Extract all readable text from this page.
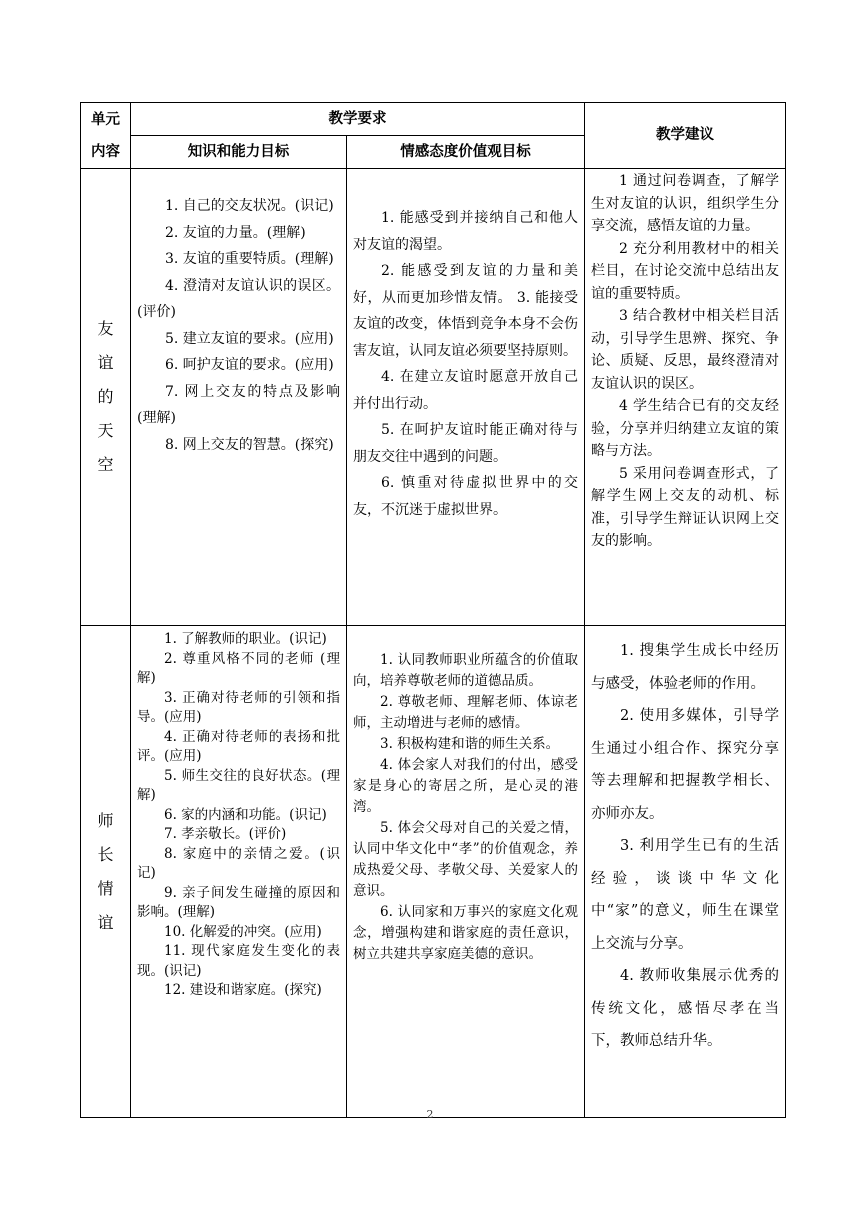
单元
内容
教学要求
知识和能力目标	情感态度价值观目标
教学建议
友
谊
的
天
空
1. 自己的交友状况。(识记)
2. 友谊的力量。(理解)
3. 友谊的重要特质。(理解)
4. 澄清对友谊认识的误区。(评价)
5. 建立友谊的要求。(应用)
6. 呵护友谊的要求。(应用)
7. 网上交友的特点及影响 (理解)
8. 网上交友的智慧。(探究)
1. 能感受到并接纳自己和他人对友谊的渴望。
2. 能感受到友谊的力量和美好，从而更加珍惜友情。 3. 能接受友谊的改变，体悟到竞争本身不会伤害友谊，认同友谊必须要坚持原则。
4. 在建立友谊时愿意开放自己并付出行动。
5. 在呵护友谊时能正确对待与朋友交往中遇到的问题。
6. 慎重对待虚拟世界中的交友，不沉迷于虚拟世界。
1 通过问卷调查，了解学生对友谊的认识，组织学生分享交流，感悟友谊的力量。
2 充分利用教材中的相关栏目，在讨论交流中总结出友谊的重要特质。
3 结合教材中相关栏目活动，引导学生思辨、探究、争论、质疑、反思，最终澄清对友谊认识的误区。
4 学生结合已有的交友经验，分享并归纳建立友谊的策略与方法。
5 采用问卷调查形式，了解学生网上交友的动机、标准，引导学生辩证认识网上交友的影响。
师
长
情
谊
1. 了解教师的职业。(识记)
2. 尊重风格不同的老师 (理解)
3. 正确对待老师的引领和指导。(应用)
4. 正确对待老师的表扬和批评。(应用)
5. 师生交往的良好状态。(理解)
6. 家的内涵和功能。(识记)
7. 孝亲敬长。(评价)
8. 家庭中的亲情之爱。(识记)
9. 亲子间发生碰撞的原因和影响。(理解)
10. 化解爱的冲突。(应用)
11. 现代家庭发生变化的表现。(识记)
12. 建设和谐家庭。(探究)
1. 认同教师职业所蕴含的价值取向，培养尊敬老师的道德品质。
2. 尊敬老师、理解老师、体谅老师，主动增进与老师的感情。
3. 积极构建和谐的师生关系。
4. 体会家人对我们的付出，感受家是身心的寄居之所，是心灵的港湾。
5. 体会父母对自己的关爱之情，认同中华文化中“孝”的价值观念，养成热爱父母、孝敬父母、关爱家人的意识。
6. 认同家和万事兴的家庭文化观念，增强构建和谐家庭的责任意识，树立共建共享家庭美德的意识。
1. 搜集学生成长中经历与感受，体验老师的作用。
2. 使用多媒体，引导学生通过小组合作、探究分享等去理解和把握教学相长、亦师亦友。
3. 利用学生已有的生活经验，谈谈中华文化中“家”的意义，师生在课堂上交流与分享。
4. 教师收集展示优秀的传统文化，感悟尽孝在当下，教师总结升华。
2
